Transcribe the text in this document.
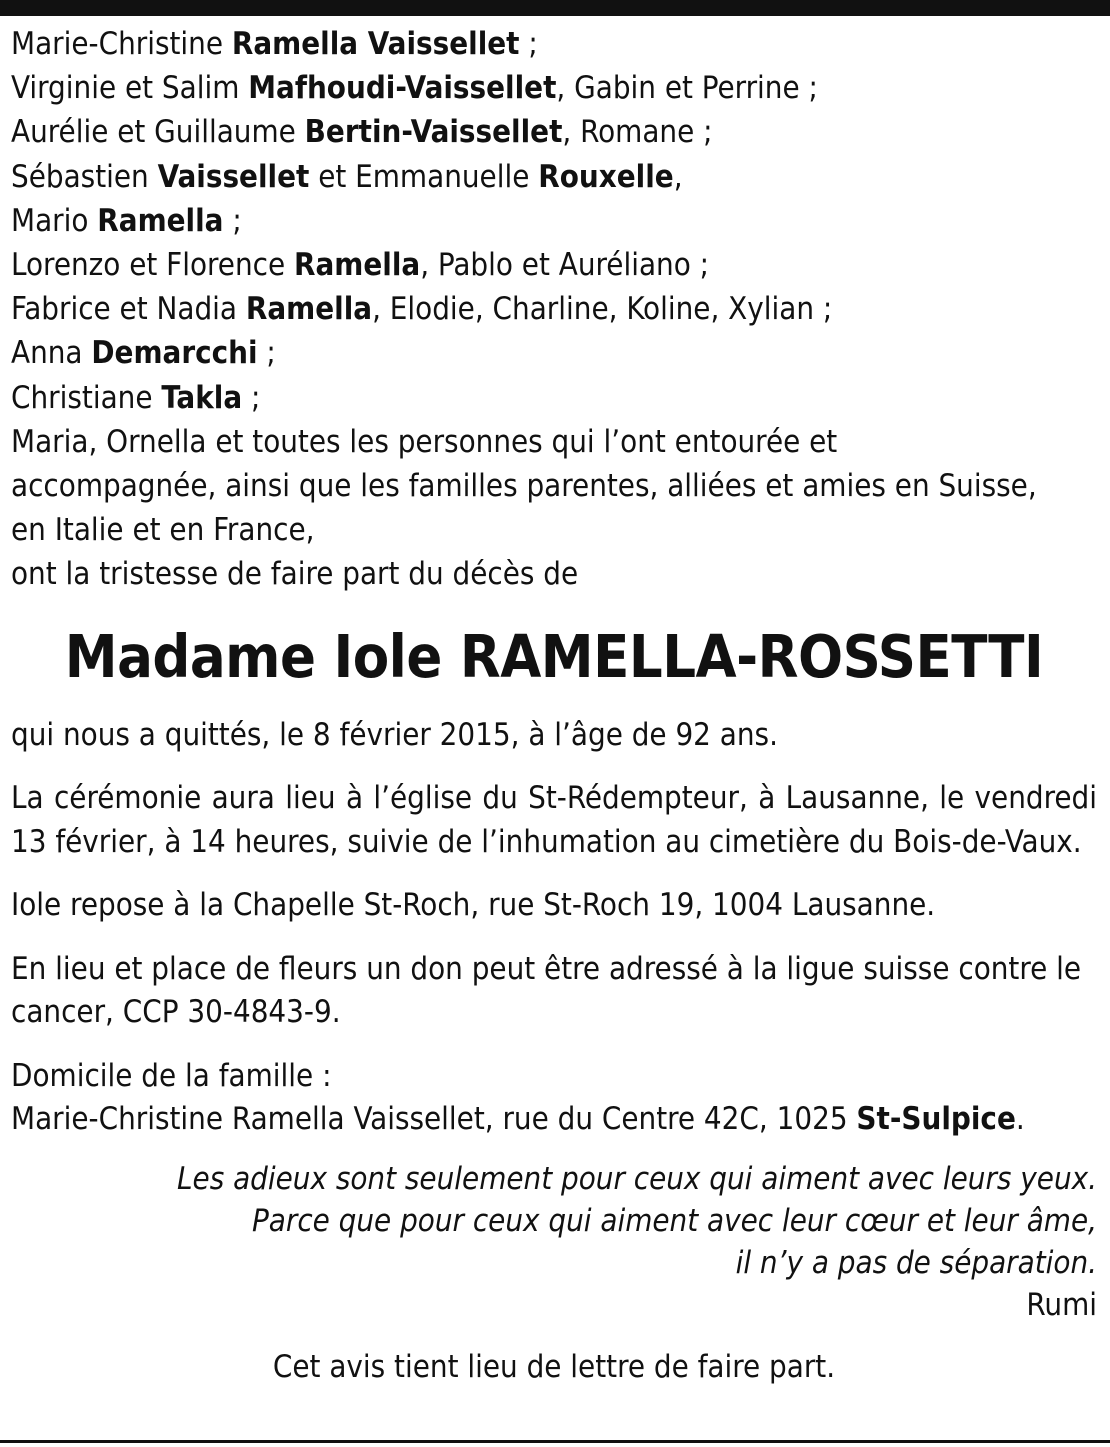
Marie-Christine Ramella Vaissellet ;
Virginie et Salim Mafhoudi-Vaissellet, Gabin et Perrine ;
Aurélie et Guillaume Bertin-Vaissellet, Romane ;
Sébastien Vaissellet et Emmanuelle Rouxelle,
Mario Ramella ;
Lorenzo et Florence Ramella, Pablo et Auréliano ;
Fabrice et Nadia Ramella, Elodie, Charline, Koline, Xylian ;
Anna Demarcchi ;
Christiane Takla ;
Maria, Ornella et toutes les personnes qui l’ont entourée et
accompagnée, ainsi que les familles parentes, alliées et amies en Suisse,
en Italie et en France,
ont la tristesse de faire part du décès de
Madame Iole RAMELLA-ROSSETTI

qui nous a quittés, le 8 février 2015, à l’âge de 92 ans.

La cérémonie aura lieu à l’église du St-Rédempteur, à Lausanne, le vendredi 13 février, à 14 heures, suivie de l’inhumation au cimetière du Bois-de-Vaux.

Iole repose à la Chapelle St-Roch, rue St-Roch 19, 1004 Lausanne.

En lieu et place de fleurs un don peut être adressé à la ligue suisse contre le cancer, CCP 30-4843-9.

Domicile de la famille :
Marie-Christine Ramella Vaissellet, rue du Centre 42C, 1025 St-Sulpice.
Les adieux sont seulement pour ceux qui aiment avec leurs yeux.
Parce que pour ceux qui aiment avec leur cœur et leur âme,
il n’y a pas de séparation.
Rumi
Cet avis tient lieu de lettre de faire part.
